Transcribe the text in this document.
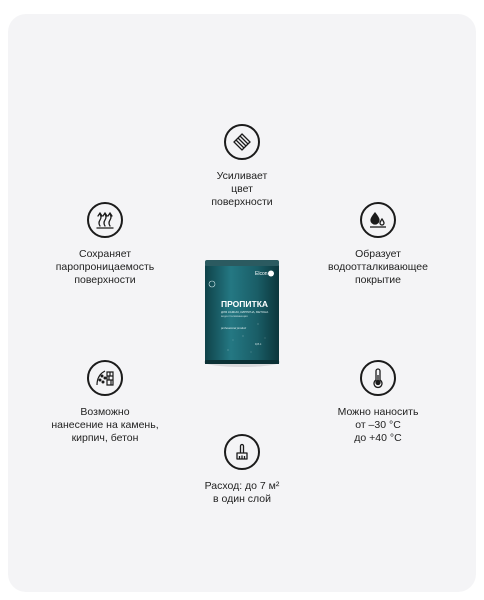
Усиливает
цвет
поверхности
Сохраняет
паропроницаемость
поверхности
Образует
водоотталкивающее
покрытие
Возможно
нанесение на камень,
кирпич, бетон
Можно наносить
от –30 °С
до +40 °С
Расход: до 7 м²
в один слой
Elcon
ПРОПИТКА
ДЛЯ КАМНЯ, КИРПИЧА, БЕТОНА
водоотталкивающая
professional product
0,8 л
